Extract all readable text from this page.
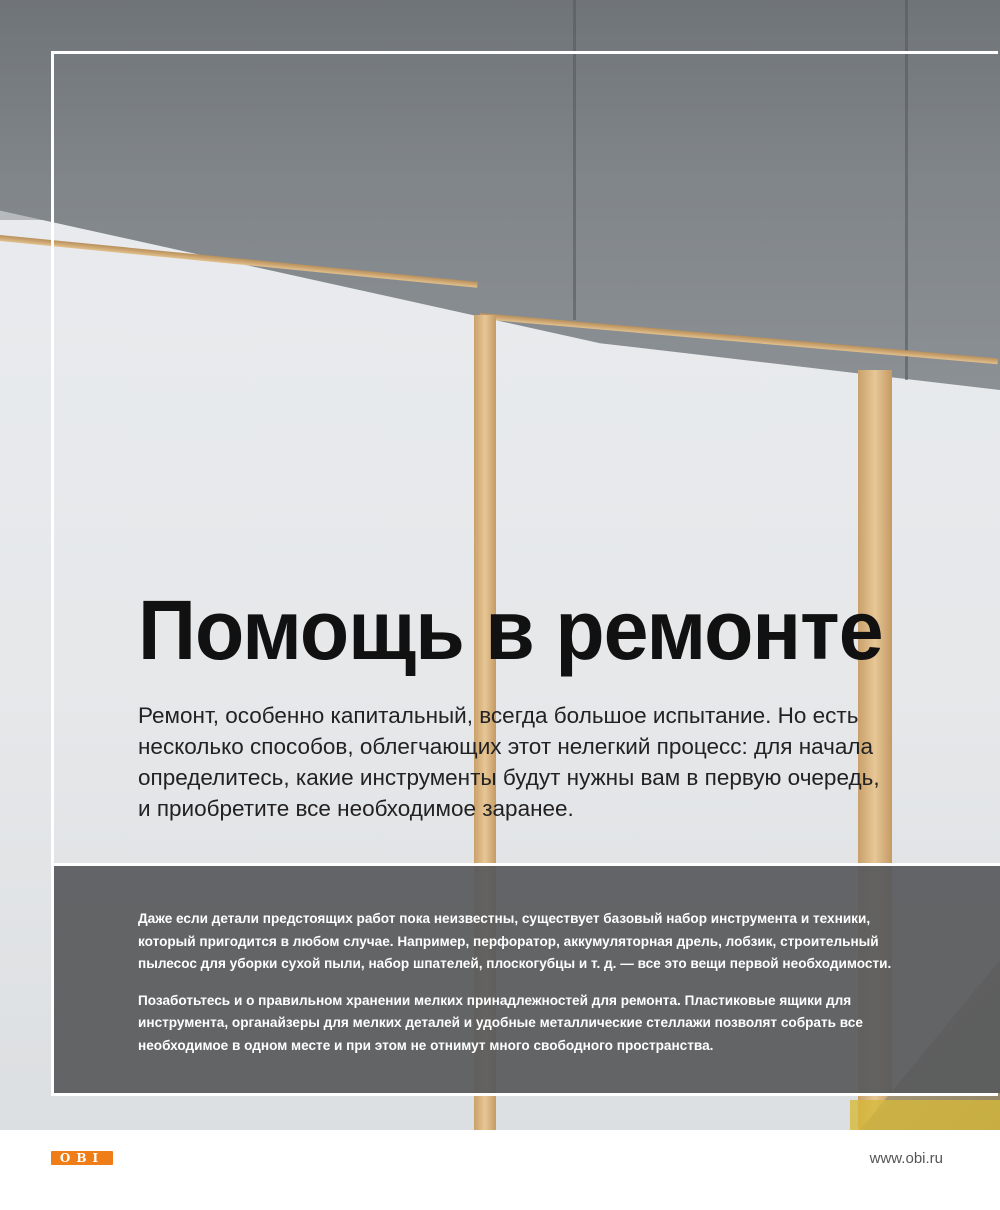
Помощь в ремонте
Ремонт, особенно капитальный, всегда большое испытание. Но есть
несколько способов, облегчающих этот нелегкий процесс: для начала
определитесь, какие инструменты будут нужны вам в первую очередь,
и приобретите все необходимое заранее.

Даже если детали предстоящих работ пока неизвестны, существует базовый набор инструмента и техники,
который пригодится в любом случае. Например, перфоратор, аккумуляторная дрель, лобзик, строительный
пылесос для уборки сухой пыли, набор шпателей, плоскогубцы и т. д. — все это вещи первой необходимости.

Позаботьтесь и о правильном хранении мелких принадлежностей для ремонта. Пластиковые ящики для
инструмента, органайзеры для мелких деталей и удобные металлические стеллажи позволят собрать все
необходимое в одном месте и при этом не отнимут много свободного пространства.

OBI	www.obi.ru
